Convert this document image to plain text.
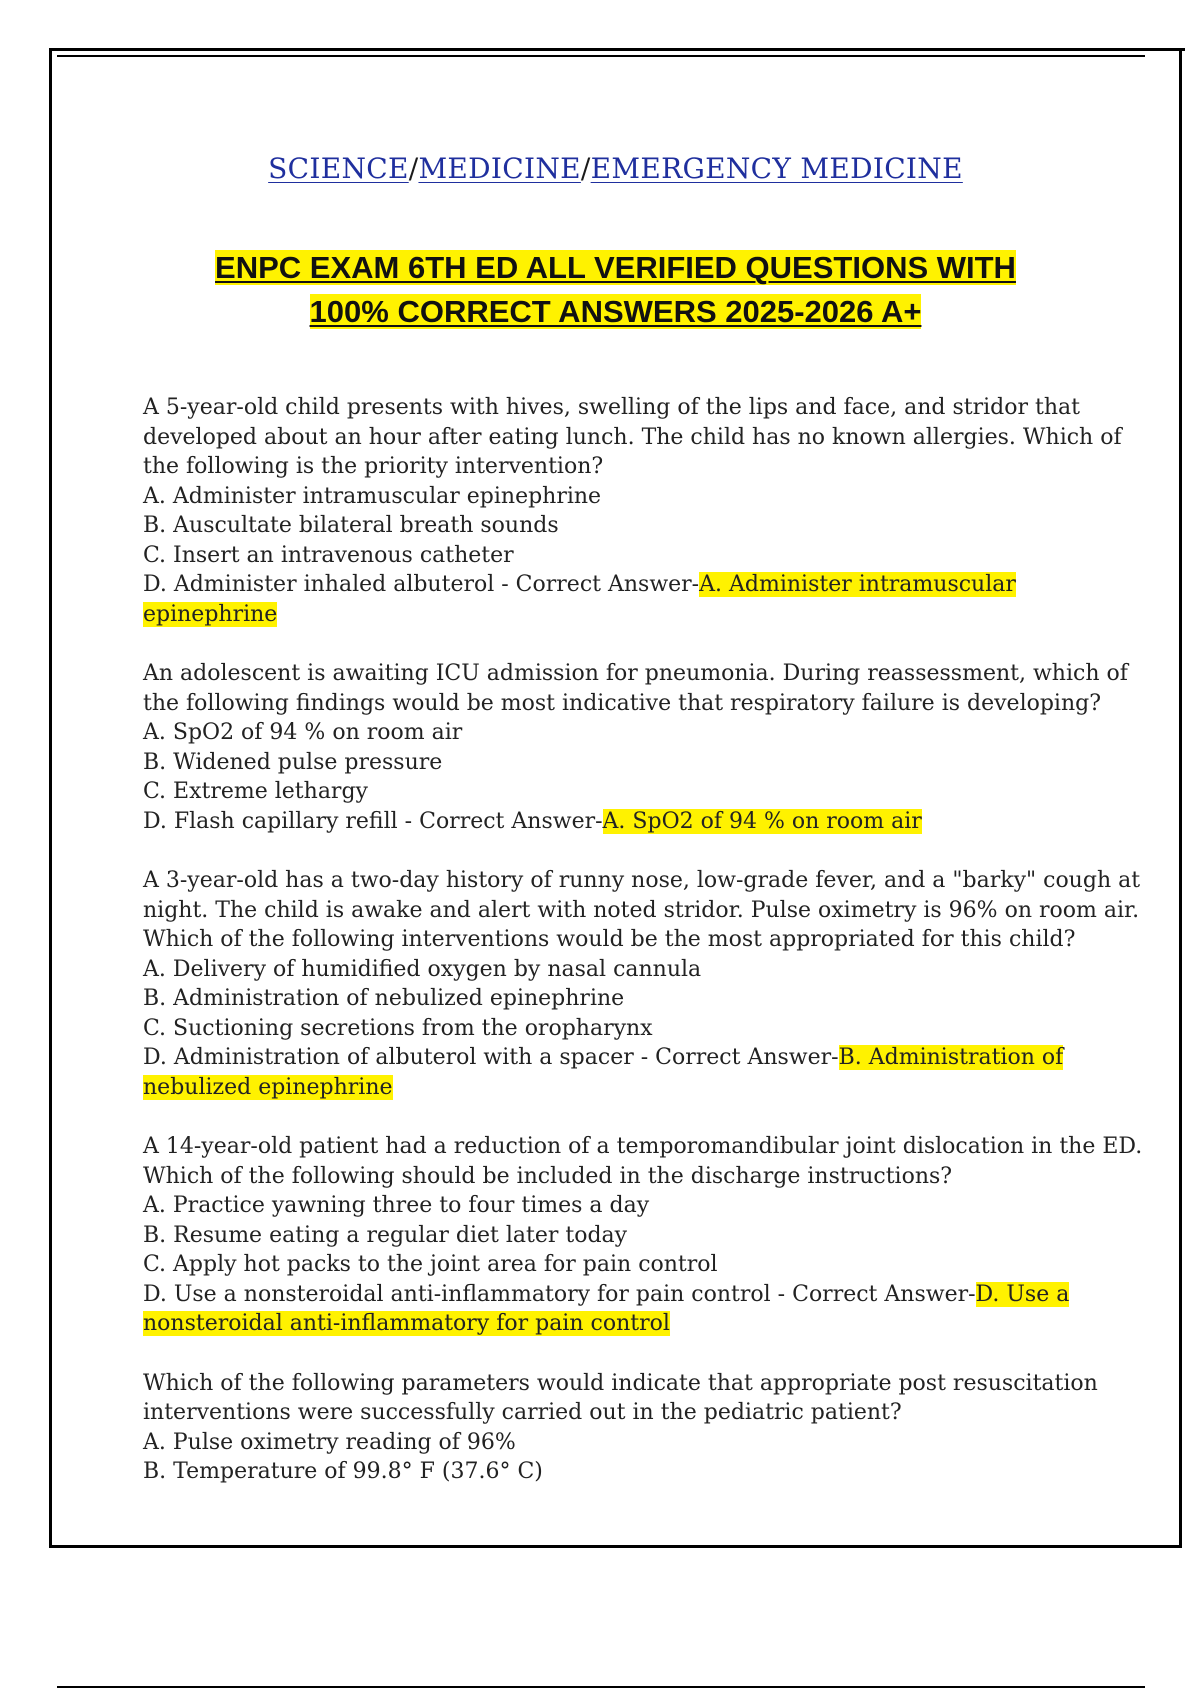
SCIENCE/MEDICINE/EMERGENCY MEDICINE
ENPC EXAM 6TH ED ALL VERIFIED QUESTIONS WITH
100% CORRECT ANSWERS 2025-2026 A+

A 5-year-old child presents with hives, swelling of the lips and face, and stridor that developed about an hour after eating lunch. The child has no known allergies. Which of the following is the priority intervention?

A. Administer intramuscular epinephrine

B. Auscultate bilateral breath sounds

C. Insert an intravenous catheter

D. Administer inhaled albuterol - Correct Answer-A. Administer intramuscular epinephrine

An adolescent is awaiting ICU admission for pneumonia. During reassessment, which of the following findings would be most indicative that respiratory failure is developing?

A. SpO2 of 94 % on room air

B. Widened pulse pressure

C. Extreme lethargy

D. Flash capillary refill - Correct Answer-A. SpO2 of 94 % on room air

A 3-year-old has a two-day history of runny nose, low-grade fever, and a "barky" cough at night. The child is awake and alert with noted stridor. Pulse oximetry is 96% on room air. Which of the following interventions would be the most appropriated for this child?

A. Delivery of humidified oxygen by nasal cannula

B. Administration of nebulized epinephrine

C. Suctioning secretions from the oropharynx

D. Administration of albuterol with a spacer - Correct Answer-B. Administration of nebulized epinephrine

A 14-year-old patient had a reduction of a temporomandibular joint dislocation in the ED. Which of the following should be included in the discharge instructions?

A. Practice yawning three to four times a day

B. Resume eating a regular diet later today

C. Apply hot packs to the joint area for pain control

D. Use a nonsteroidal anti-inflammatory for pain control - Correct Answer-D. Use a nonsteroidal anti-inflammatory for pain control

Which of the following parameters would indicate that appropriate post resuscitation interventions were successfully carried out in the pediatric patient?

A. Pulse oximetry reading of 96%

B. Temperature of 99.8° F (37.6° C)
